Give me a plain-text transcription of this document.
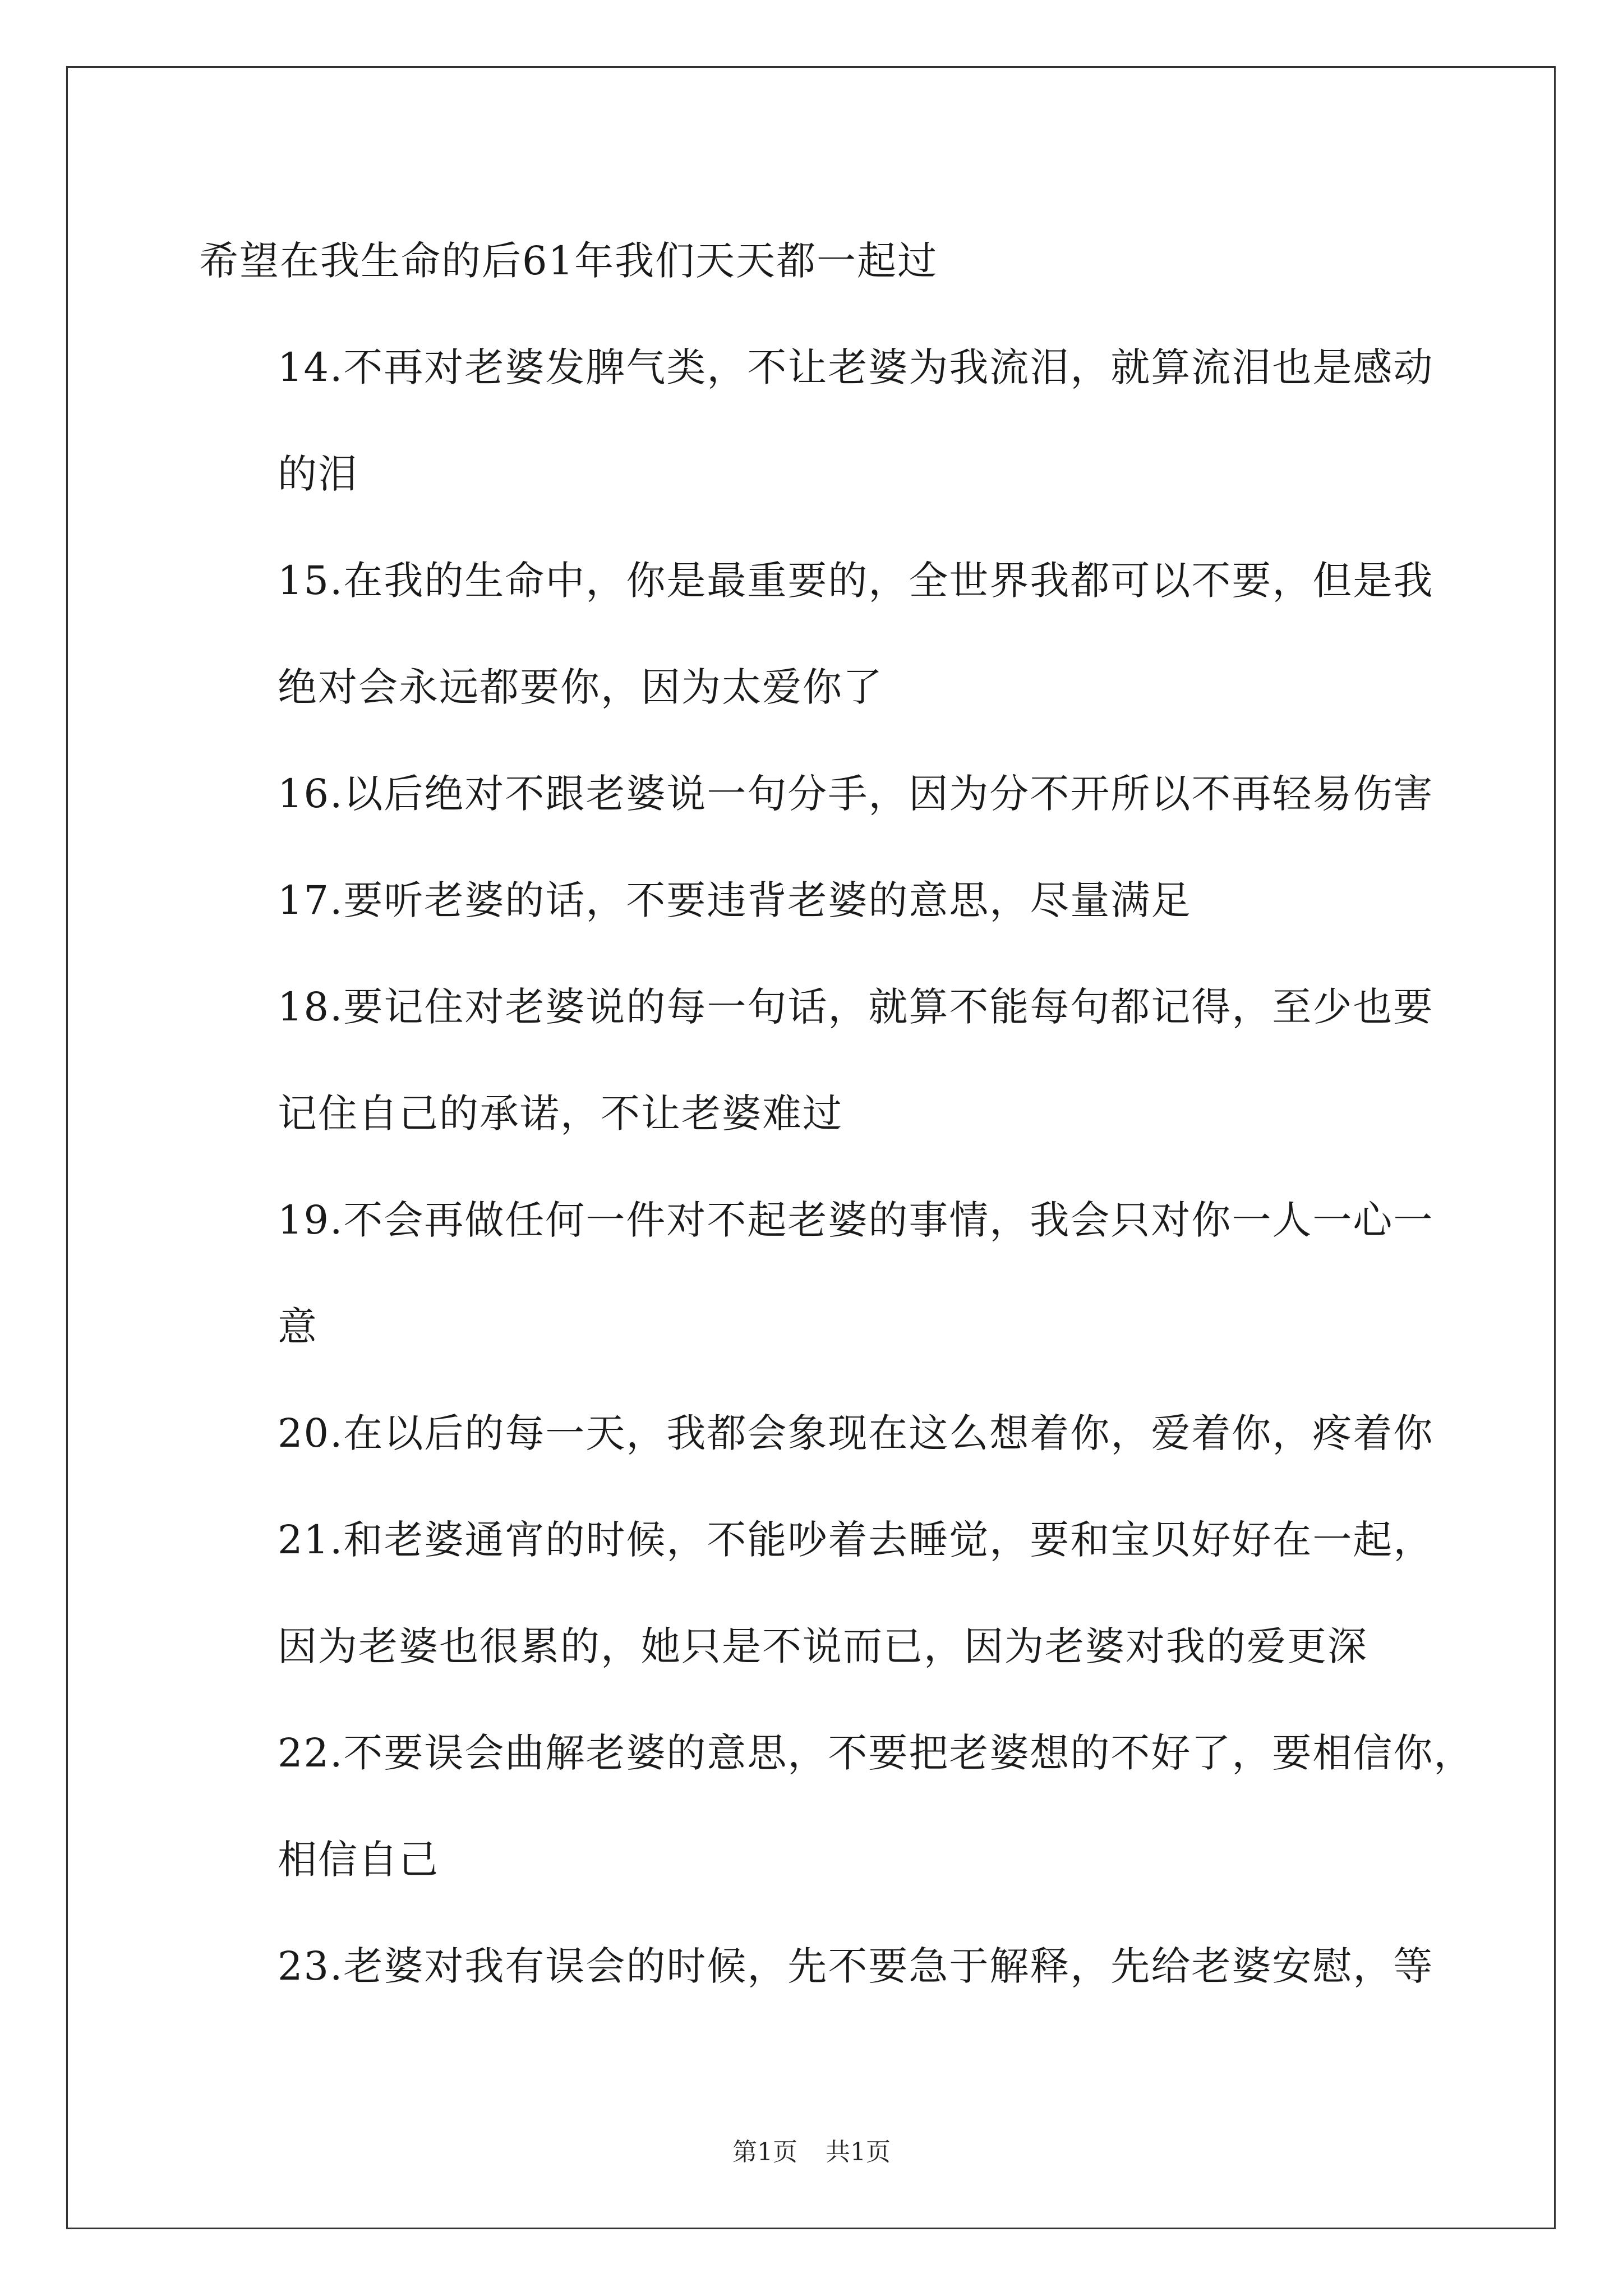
希望在我生命的后61年我们天天都一起过

14.不再对老婆发脾气类，不让老婆为我流泪，就算流泪也是感动
的泪

15.在我的生命中，你是最重要的，全世界我都可以不要，但是我
绝对会永远都要你，因为太爱你了

16.以后绝对不跟老婆说一句分手，因为分不开所以不再轻易伤害

17.要听老婆的话，不要违背老婆的意思，尽量满足

18.要记住对老婆说的每一句话，就算不能每句都记得，至少也要
记住自己的承诺，不让老婆难过

19.不会再做任何一件对不起老婆的事情，我会只对你一人一心一
意

20.在以后的每一天，我都会象现在这么想着你，爱着你，疼着你

21.和老婆通宵的时候，不能吵着去睡觉，要和宝贝好好在一起，
因为老婆也很累的，她只是不说而已，因为老婆对我的爱更深

22.不要误会曲解老婆的意思，不要把老婆想的不好了，要相信你，
相信自己

23.老婆对我有误会的时候，先不要急于解释，先给老婆安慰，等

第1页 共1页
